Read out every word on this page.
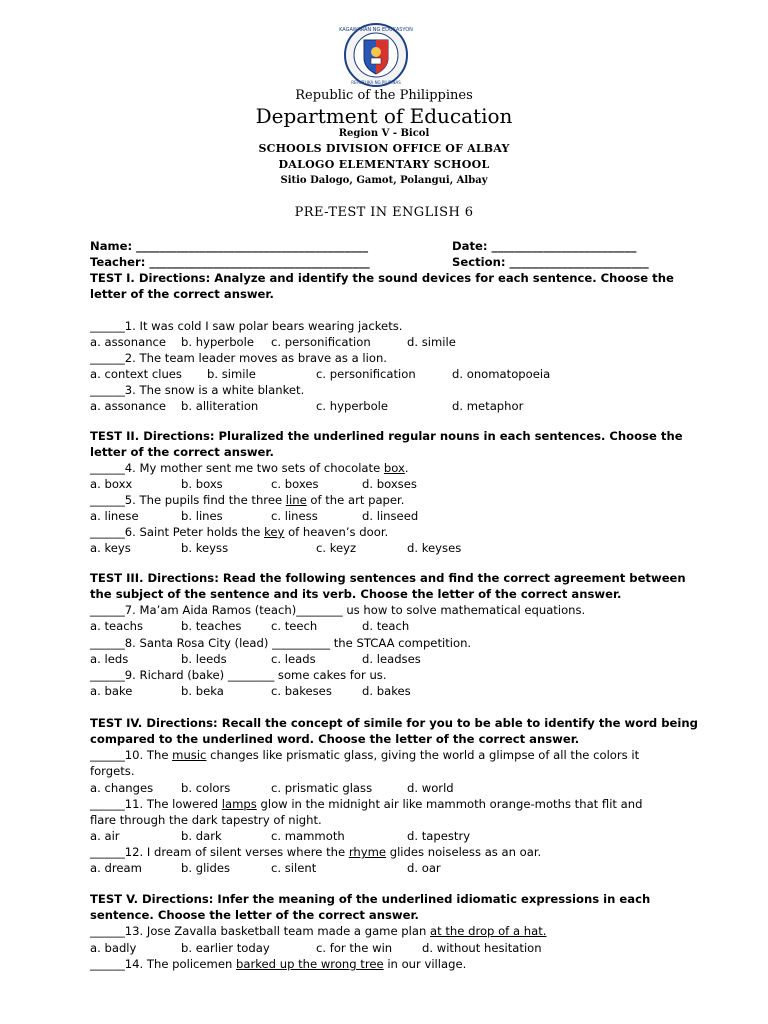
KAGAWARAN NG EDUKASYON
REPUBLIKA NG PILIPINAS
Republic of the Philippines
Department of Education
Region V - Bicol
SCHOOLS DIVISION OFFICE OF ALBAY
DALOGO ELEMENTARY SCHOOL
Sitio Dalogo, Gamot, Polangui, Albay
PRE-TEST IN ENGLISH 6
Name: ________________________________________	Date: _________________________
Teacher: ______________________________________	Section: ________________________
TEST I. Directions: Analyze and identify the sound devices for each sentence. Choose the
letter of the correct answer.
______1. It was cold I saw polar bears wearing jackets.
a. assonance b. hyperbole c. personification	d. simile
______2. The team leader moves as brave as a lion.
a. context clues b. simile	c. personification	d. onomatopoeia
______3. The snow is a white blanket.
a. assonance b. alliteration	c. hyperbole	d. metaphor
TEST II. Directions: Pluralized the underlined regular nouns in each sentences. Choose the
letter of the correct answer.
______4. My mother sent me two sets of chocolate box.
a. boxx	b. boxs	c. boxes	d. boxses
______5. The pupils find the three line of the art paper.
a. linese	b. lines	c. liness	d. linseed
______6. Saint Peter holds the key of heaven’s door.
a. keys	b. keyss	c. keyz	d. keyses
TEST III. Directions: Read the following sentences and find the correct agreement between
the subject of the sentence and its verb. Choose the letter of the correct answer.
______7. Ma’am Aida Ramos (teach)________ us how to solve mathematical equations.
a. teachs	b. teaches	c. teech	d. teach
______8. Santa Rosa City (lead) __________ the STCAA competition.
a. leds	b. leeds	c. leads	d. leadses
______9. Richard (bake) ________ some cakes for us.
a. bake	b. beka	c. bakeses	d. bakes
TEST IV. Directions: Recall the concept of simile for you to be able to identify the word being
compared to the underlined word. Choose the letter of the correct answer.
______10. The music changes like prismatic glass, giving the world a glimpse of all the colors it
forgets.
a. changes b. colors	c. prismatic glass	d. world
______11. The lowered lamps glow in the midnight air like mammoth orange-moths that flit and
flare through the dark tapestry of night.
a. air	b. dark	c. mammoth	d. tapestry
______12. I dream of silent verses where the rhyme glides noiseless as an oar.
a. dream	b. glides	c. silent	d. oar
TEST V. Directions: Infer the meaning of the underlined idiomatic expressions in each
sentence. Choose the letter of the correct answer.
______13. Jose Zavalla basketball team made a game plan at the drop of a hat.
a. badly	b. earlier today	c. for the win	d. without hesitation
______14. The policemen barked up the wrong tree in our village.
